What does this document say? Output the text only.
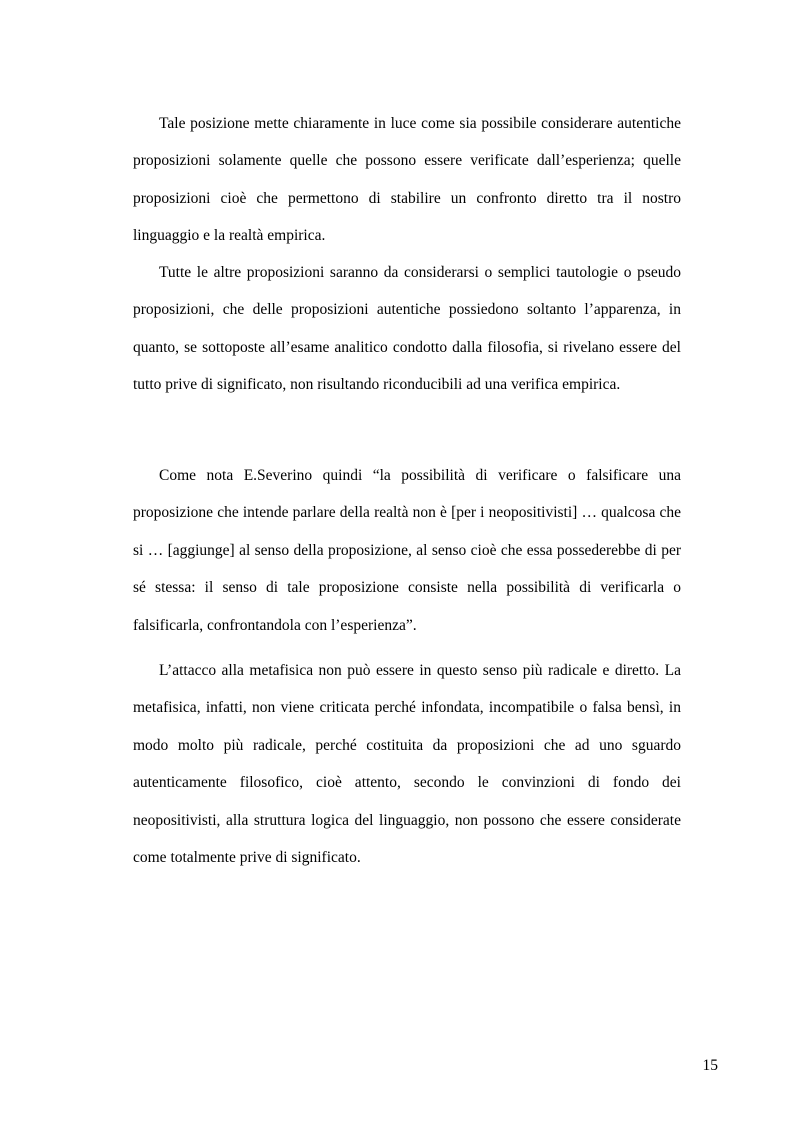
Tale posizione mette chiaramente in luce come sia possibile considerare autentiche proposizioni solamente quelle che possono essere verificate dall’esperienza; quelle proposizioni cioè che permettono di stabilire un confronto diretto tra il nostro linguaggio e la realtà empirica.

Tutte le altre proposizioni saranno da considerarsi o semplici tautologie o pseudo proposizioni, che delle proposizioni autentiche possiedono soltanto l’apparenza, in quanto, se sottoposte all’esame analitico condotto dalla filosofia, si rivelano essere del tutto prive di significato, non risultando riconducibili ad una verifica empirica.

Come nota E.Severino quindi “la possibilità di verificare o falsificare una proposizione che intende parlare della realtà non è [per i neopositivisti] … qualcosa che si … [aggiunge] al senso della proposizione, al senso cioè che essa possederebbe di per sé stessa: il senso di tale proposizione consiste nella possibilità di verificarla o falsificarla, confrontandola con l’esperienza”.

L’attacco alla metafisica non può essere in questo senso più radicale e diretto. La metafisica, infatti, non viene criticata perché infondata, incompatibile o falsa bensì, in modo molto più radicale, perché costituita da proposizioni che ad uno sguardo autenticamente filosofico, cioè attento, secondo le convinzioni di fondo dei neopositivisti, alla struttura logica del linguaggio, non possono che essere considerate come totalmente prive di significato.

15
